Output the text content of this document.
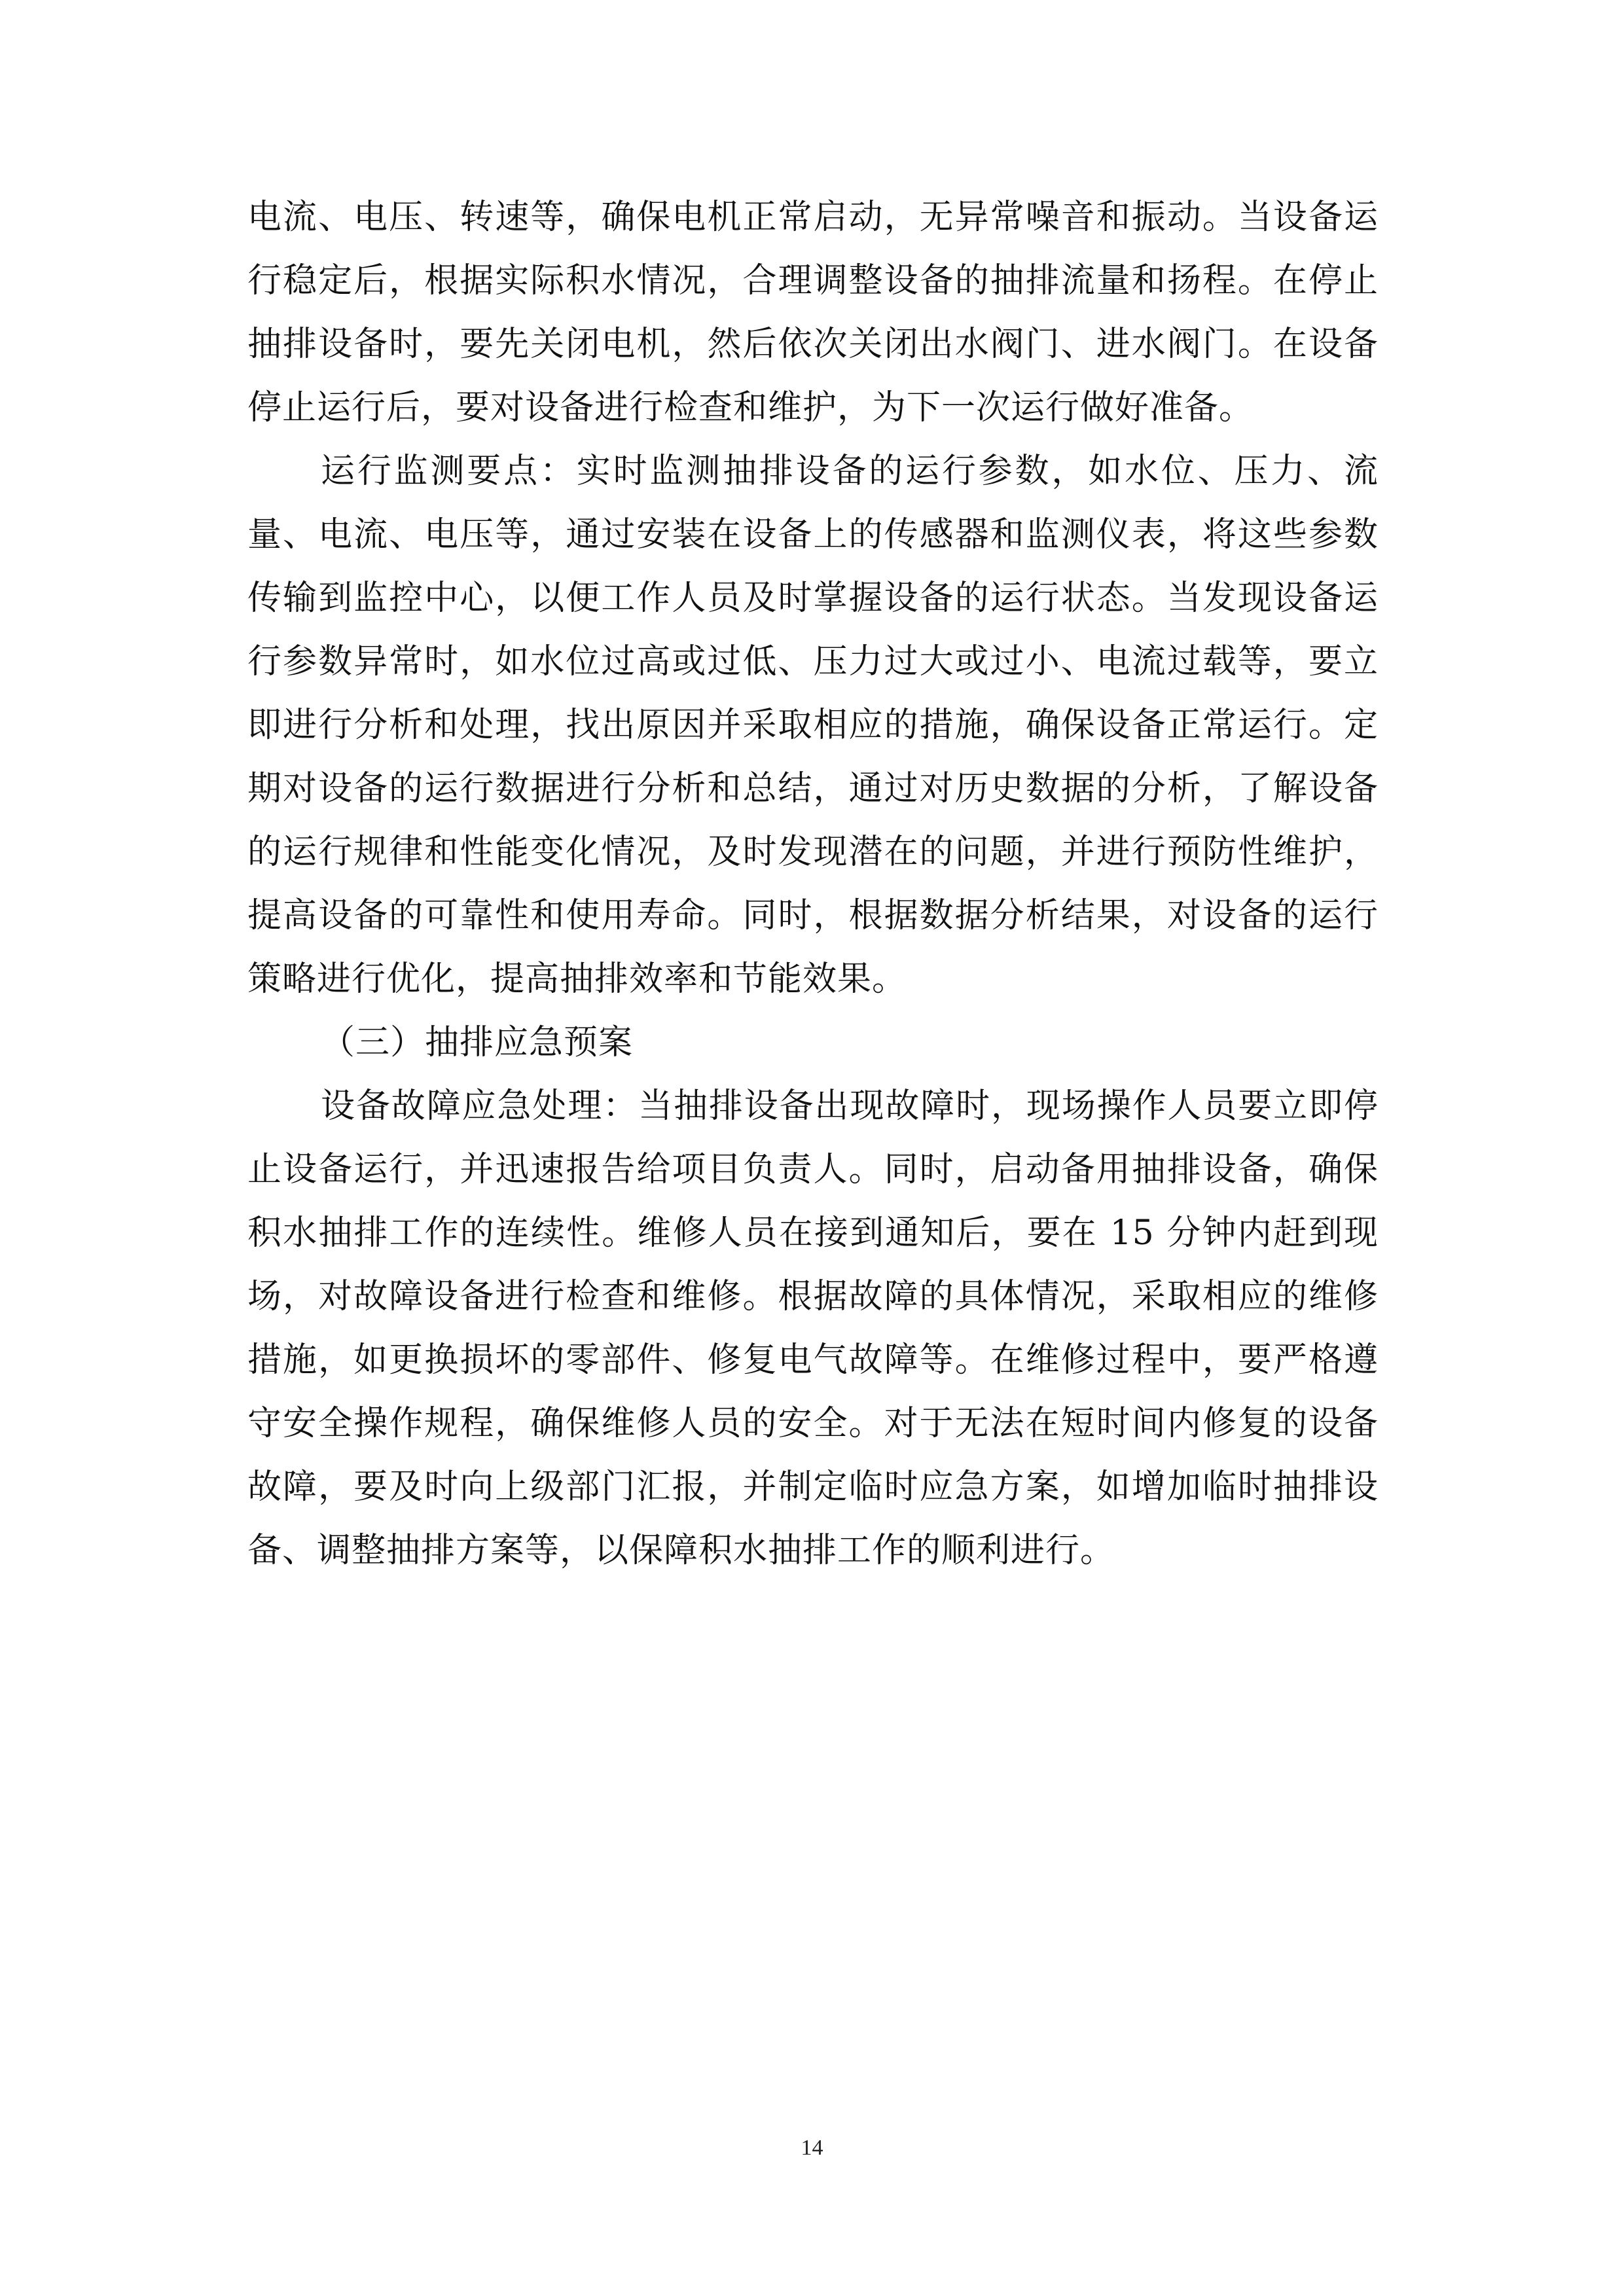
电流、电压、转速等，确保电机正常启动，无异常噪音和振动。当设备运行稳定后，根据实际积水情况，合理调整设备的抽排流量和扬程。在停止抽排设备时，要先关闭电机，然后依次关闭出水阀门、进水阀门。在设备停止运行后，要对设备进行检查和维护，为下一次运行做好准备。

运行监测要点：实时监测抽排设备的运行参数，如水位、压力、流量、电流、电压等，通过安装在设备上的传感器和监测仪表，将这些参数传输到监控中心，以便工作人员及时掌握设备的运行状态。当发现设备运行参数异常时，如水位过高或过低、压力过大或过小、电流过载等，要立即进行分析和处理，找出原因并采取相应的措施，确保设备正常运行。定期对设备的运行数据进行分析和总结，通过对历史数据的分析，了解设备的运行规律和性能变化情况，及时发现潜在的问题，并进行预防性维护，提高设备的可靠性和使用寿命。同时，根据数据分析结果，对设备的运行策略进行优化，提高抽排效率和节能效果。

（三）抽排应急预案

设备故障应急处理：当抽排设备出现故障时，现场操作人员要立即停止设备运行，并迅速报告给项目负责人。同时，启动备用抽排设备，确保积水抽排工作的连续性。维修人员在接到通知后，要在 15 分钟内赶到现场，对故障设备进行检查和维修。根据故障的具体情况，采取相应的维修措施，如更换损坏的零部件、修复电气故障等。在维修过程中，要严格遵守安全操作规程，确保维修人员的安全。对于无法在短时间内修复的设备故障，要及时向上级部门汇报，并制定临时应急方案，如增加临时抽排设备、调整抽排方案等，以保障积水抽排工作的顺利进行。

14
